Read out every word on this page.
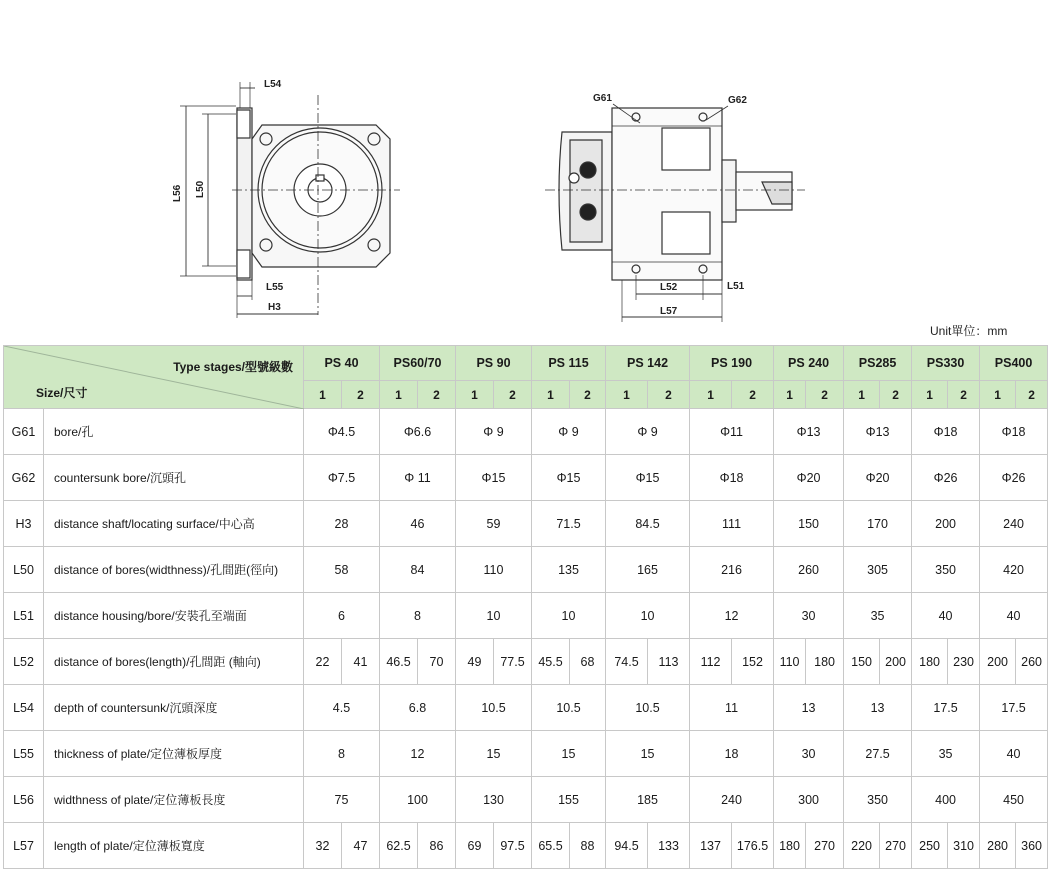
L54
L56 L50
L55
H3
G61	G62
L52	L51
L57
Unit單位：mm
Type stages/型號級數
Size/尺寸		PS 40		PS60/70		PS 90		PS 115		PS 142		PS 190		PS 240		PS285		PS330		PS400	
		1	2	1	2	1	2	1	2	1	2	1	2	1	2	1	2	1	2	1	2
G61	bore/孔	Φ4.5		Φ6.6		Φ 9		Φ 9		Φ 9		Φ11		Φ13		Φ13		Φ18		Φ18	
G62	countersunk bore/沉頭孔	Φ7.5		Φ 11		Φ15		Φ15		Φ15		Φ18		Φ20		Φ20		Φ26		Φ26	
H3	distance shaft/locating surface/中心高	28		46		59		71.5		84.5		111		150		170		200		240	
L50	distance of bores(widthness)/孔間距(徑向)	58		84		110		135		165		216		260		305		350		420	
L51	distance housing/bore/安裝孔至端面	6		8		10		10		10		12		30		35		40		40	
L52	distance of bores(length)/孔間距 (軸向)	22	41	46.5	70	49	77.5	45.5	68	74.5	113	112	152	110	180	150	200	180	230	200	260
L54	depth of countersunk/沉頭深度	4.5		6.8		10.5		10.5		10.5		11		13		13		17.5		17.5	
L55	thickness of plate/定位薄板厚度	8		12		15		15		15		18		30		27.5		35		40	
L56	widthness of plate/定位薄板長度	75		100		130		155		185		240		300		350		400		450	
L57	length of plate/定位薄板寬度	32	47	62.5	86	69	97.5	65.5	88	94.5	133	137	176.5	180	270	220	270	250	310	280	360
